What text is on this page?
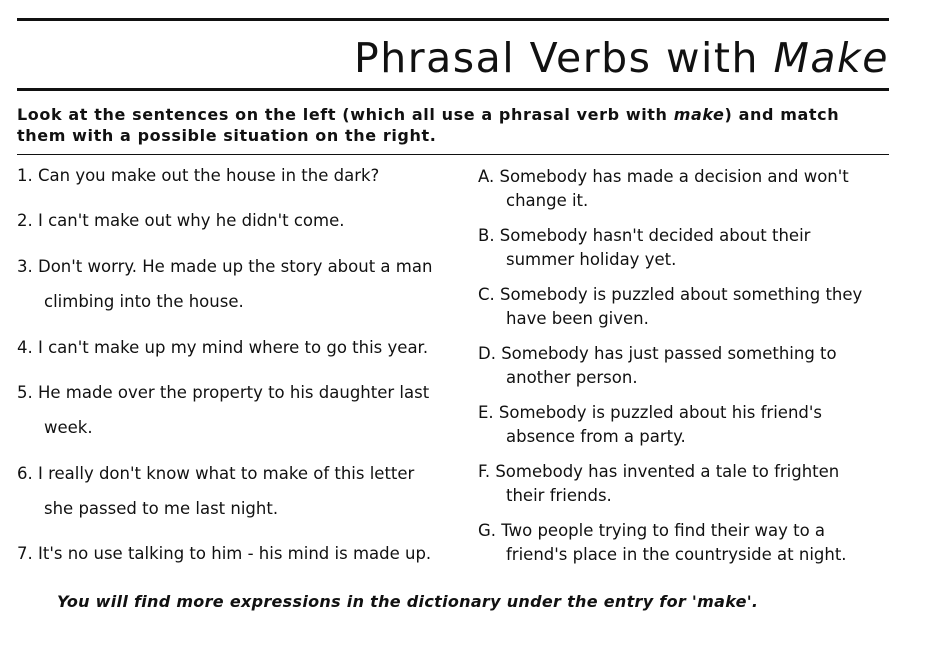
Phrasal Verbs with Make
Look at the sentences on the left (which all use a phrasal verb with make) and match them with a possible situation on the right.
1. Can you make out the house in the dark?
2. I can't make out why he didn't come.
3. Don't worry. He made up the story about a man
climbing into the house.
4. I can't make up my mind where to go this year.
5. He made over the property to his daughter last
week.
6. I really don't know what to make of this letter
she passed to me last night.
7. It's no use talking to him - his mind is made up.
A. Somebody has made a decision and won't
change it.
B. Somebody hasn't decided about their
summer holiday yet.
C. Somebody is puzzled about something they
have been given.
D. Somebody has just passed something to
another person.
E. Somebody is puzzled about his friend's
absence from a party.
F. Somebody has invented a tale to frighten
their friends.
G. Two people trying to find their way to a
friend's place in the countryside at night.
You will find more expressions in the dictionary under the entry for 'make'.
